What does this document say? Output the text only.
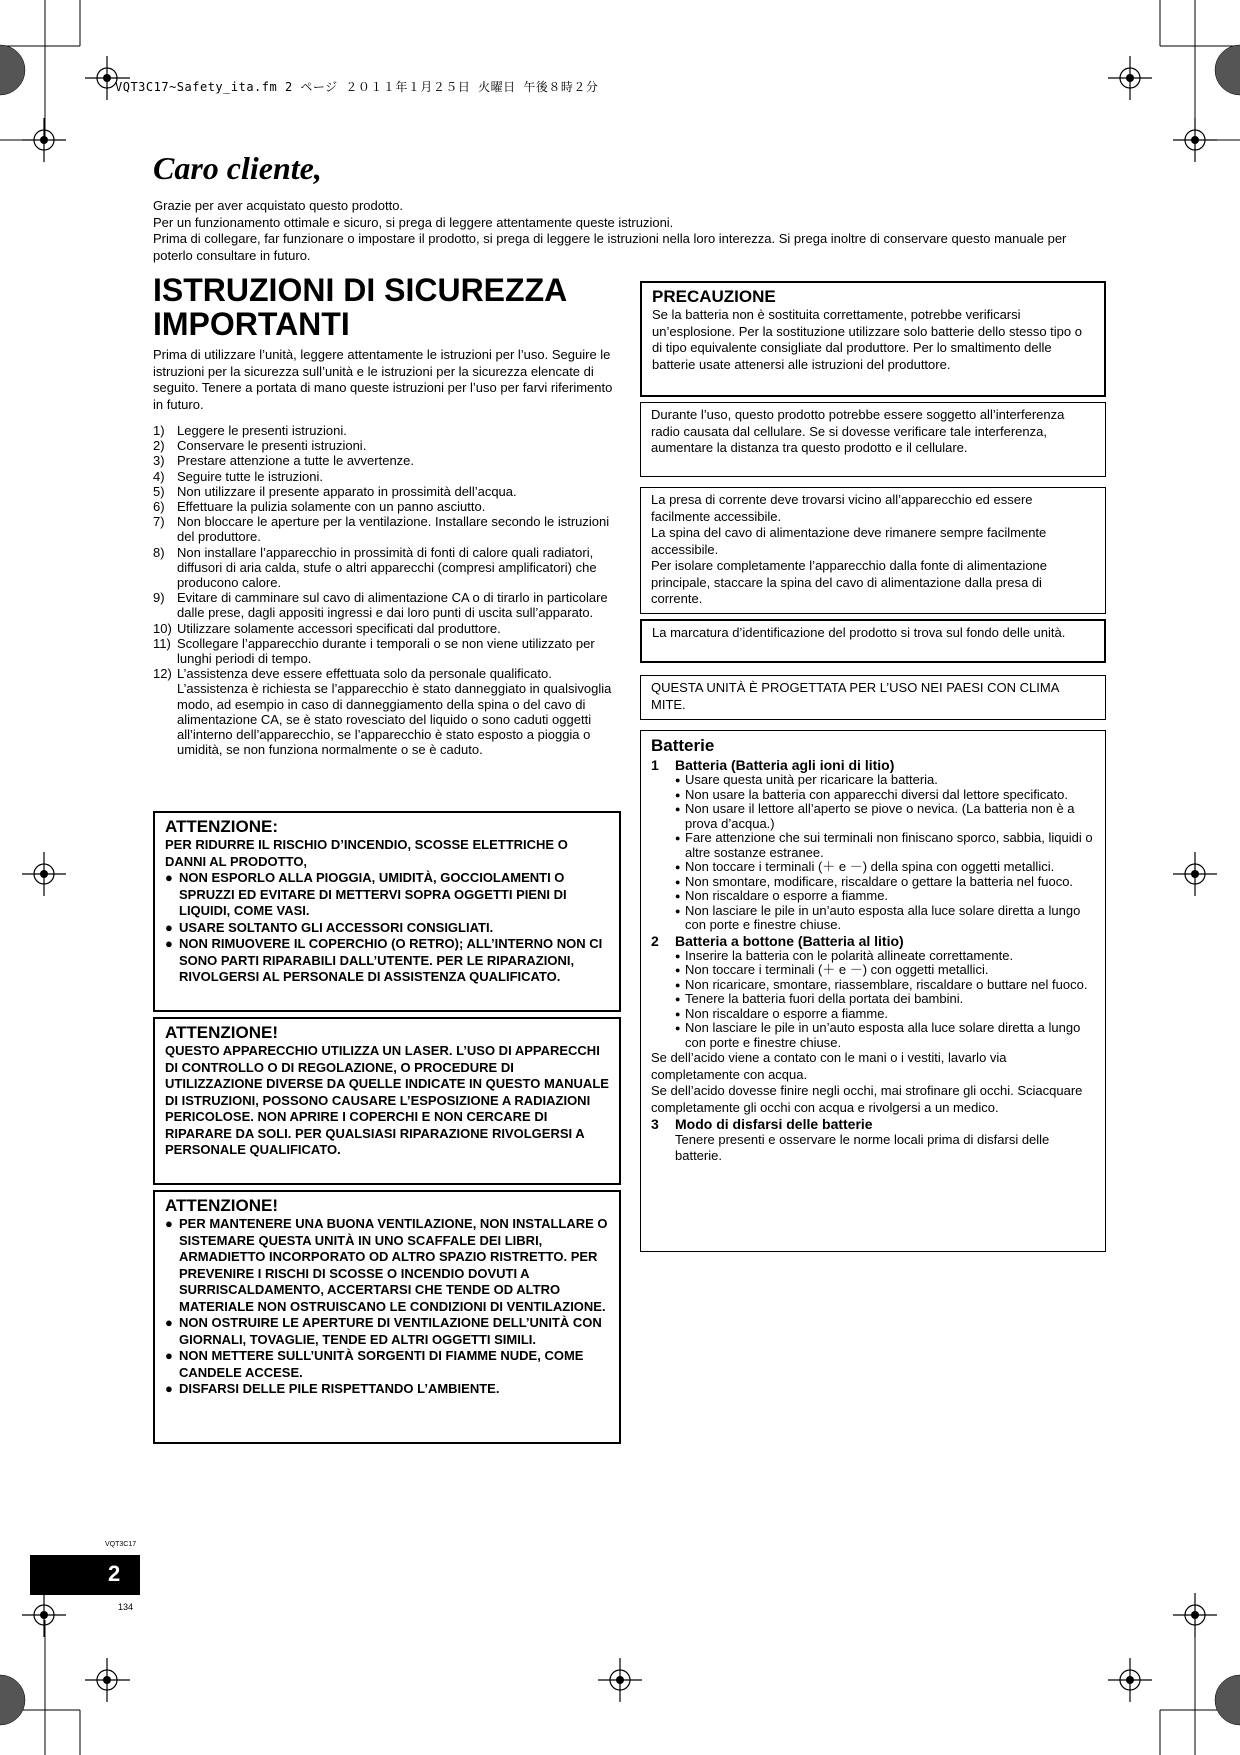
VQT3C17~Safety_ita.fm 2 ページ ２０１１年１月２５日 火曜日 午後８時２分
Caro cliente,

Grazie per aver acquistato questo prodotto.

Per un funzionamento ottimale e sicuro, si prega di leggere attentamente queste istruzioni.

Prima di collegare, far funzionare o impostare il prodotto, si prega di leggere le istruzioni nella loro interezza. Si prega inoltre di conservare questo manuale per poterlo consultare in futuro.

ISTRUZIONI DI SICUREZZA IMPORTANTI
Prima di utilizzare l’unità, leggere attentamente le istruzioni per l’uso. Seguire le istruzioni per la sicurezza sull’unità e le istruzioni per la sicurezza elencate di seguito. Tenere a portata di mano queste istruzioni per l’uso per farvi riferimento in futuro.
1) Leggere le presenti istruzioni.
2) Conservare le presenti istruzioni.
3) Prestare attenzione a tutte le avvertenze.
4) Seguire tutte le istruzioni.
5) Non utilizzare il presente apparato in prossimità dell’acqua.
6) Effettuare la pulizia solamente con un panno asciutto.
7) Non bloccare le aperture per la ventilazione. Installare secondo le istruzioni del produttore.
8) Non installare l’apparecchio in prossimità di fonti di calore quali radiatori, diffusori di aria calda, stufe o altri apparecchi (compresi amplificatori) che producono calore.
9) Evitare di camminare sul cavo di alimentazione CA o di tirarlo in particolare dalle prese, dagli appositi ingressi e dai loro punti di uscita sull’apparato.
10) Utilizzare solamente accessori specificati dal produttore.
11) Scollegare l’apparecchio durante i temporali o se non viene utilizzato per lunghi periodi di tempo.
12) L’assistenza deve essere effettuata solo da personale qualificato. L’assistenza è richiesta se l’apparecchio è stato danneggiato in qualsivoglia modo, ad esempio in caso di danneggiamento della spina o del cavo di alimentazione CA, se è stato rovesciato del liquido o sono caduti oggetti all’interno dell’apparecchio, se l’apparecchio è stato esposto a pioggia o umidità, se non funziona normalmente o se è caduto.
ATTENZIONE:
PER RIDURRE IL RISCHIO D’INCENDIO, SCOSSE ELETTRICHE O DANNI AL PRODOTTO,
● NON ESPORLO ALLA PIOGGIA, UMIDITÀ, GOCCIOLAMENTI O SPRUZZI ED EVITARE DI METTERVI SOPRA OGGETTI PIENI DI LIQUIDI, COME VASI.
● USARE SOLTANTO GLI ACCESSORI CONSIGLIATI.
● NON RIMUOVERE IL COPERCHIO (O RETRO); ALL’INTERNO NON CI SONO PARTI RIPARABILI DALL’UTENTE. PER LE RIPARAZIONI, RIVOLGERSI AL PERSONALE DI ASSISTENZA QUALIFICATO.
ATTENZIONE!
QUESTO APPARECCHIO UTILIZZA UN LASER. L’USO DI APPARECCHI DI CONTROLLO O DI REGOLAZIONE, O PROCEDURE DI UTILIZZAZIONE DIVERSE DA QUELLE INDICATE IN QUESTO MANUALE DI ISTRUZIONI, POSSONO CAUSARE L’ESPOSIZIONE A RADIAZIONI PERICOLOSE. NON APRIRE I COPERCHI E NON CERCARE DI RIPARARE DA SOLI. PER QUALSIASI RIPARAZIONE RIVOLGERSI A PERSONALE QUALIFICATO.
ATTENZIONE!
● PER MANTENERE UNA BUONA VENTILAZIONE, NON INSTALLARE O SISTEMARE QUESTA UNITÀ IN UNO SCAFFALE DEI LIBRI, ARMADIETTO INCORPORATO OD ALTRO SPAZIO RISTRETTO. PER PREVENIRE I RISCHI DI SCOSSE O INCENDIO DOVUTI A SURRISCALDAMENTO, ACCERTARSI CHE TENDE OD ALTRO MATERIALE NON OSTRUISCANO LE CONDIZIONI DI VENTILAZIONE.
● NON OSTRUIRE LE APERTURE DI VENTILAZIONE DELL’UNITÀ CON GIORNALI, TOVAGLIE, TENDE ED ALTRI OGGETTI SIMILI.
● NON METTERE SULL’UNITÀ SORGENTI DI FIAMME NUDE, COME CANDELE ACCESE.
● DISFARSI DELLE PILE RISPETTANDO L’AMBIENTE.
PRECAUZIONE
Se la batteria non è sostituita correttamente, potrebbe verificarsi un’esplosione. Per la sostituzione utilizzare solo batterie dello stesso tipo o di tipo equivalente consigliate dal produttore. Per lo smaltimento delle batterie usate attenersi alle istruzioni del produttore.
Durante l’uso, questo prodotto potrebbe essere soggetto all’interferenza radio causata dal cellulare. Se si dovesse verificare tale interferenza, aumentare la distanza tra questo prodotto e il cellulare.
La presa di corrente deve trovarsi vicino all’apparecchio ed essere facilmente accessibile.
La spina del cavo di alimentazione deve rimanere sempre facilmente accessibile.
Per isolare completamente l’apparecchio dalla fonte di alimentazione principale, staccare la spina del cavo di alimentazione dalla presa di corrente.
La marcatura d’identificazione del prodotto si trova sul fondo delle unità.
QUESTA UNITÀ È PROGETTATA PER L’USO NEI PAESI CON CLIMA MITE.
Batterie
1	Batteria (Batteria agli ioni di litio)
● Usare questa unità per ricaricare la batteria.
● Non usare la batteria con apparecchi diversi dal lettore specificato.
● Non usare il lettore all’aperto se piove o nevica. (La batteria non è a prova d’acqua.)
● Fare attenzione che sui terminali non finiscano sporco, sabbia, liquidi o altre sostanze estranee.
● Non toccare i terminali (＋ e －) della spina con oggetti metallici.
● Non smontare, modificare, riscaldare o gettare la batteria nel fuoco.
● Non riscaldare o esporre a fiamme.
● Non lasciare le pile in un’auto esposta alla luce solare diretta a lungo con porte e finestre chiuse.
2	Batteria a bottone (Batteria al litio)
● Inserire la batteria con le polarità allineate correttamente.
● Non toccare i terminali (＋ e －) con oggetti metallici.
● Non ricaricare, smontare, riassemblare, riscaldare o buttare nel fuoco.
● Tenere la batteria fuori della portata dei bambini.
● Non riscaldare o esporre a fiamme.
● Non lasciare le pile in un’auto esposta alla luce solare diretta a lungo con porte e finestre chiuse.
Se dell’acido viene a contato con le mani o i vestiti, lavarlo via completamente con acqua.
Se dell’acido dovesse finire negli occhi, mai strofinare gli occhi. Sciacquare completamente gli occhi con acqua e rivolgersi a un medico.
3	Modo di disfarsi delle batterie
Tenere presenti e osservare le norme locali prima di disfarsi delle batterie.
VQT3C17
2
134
